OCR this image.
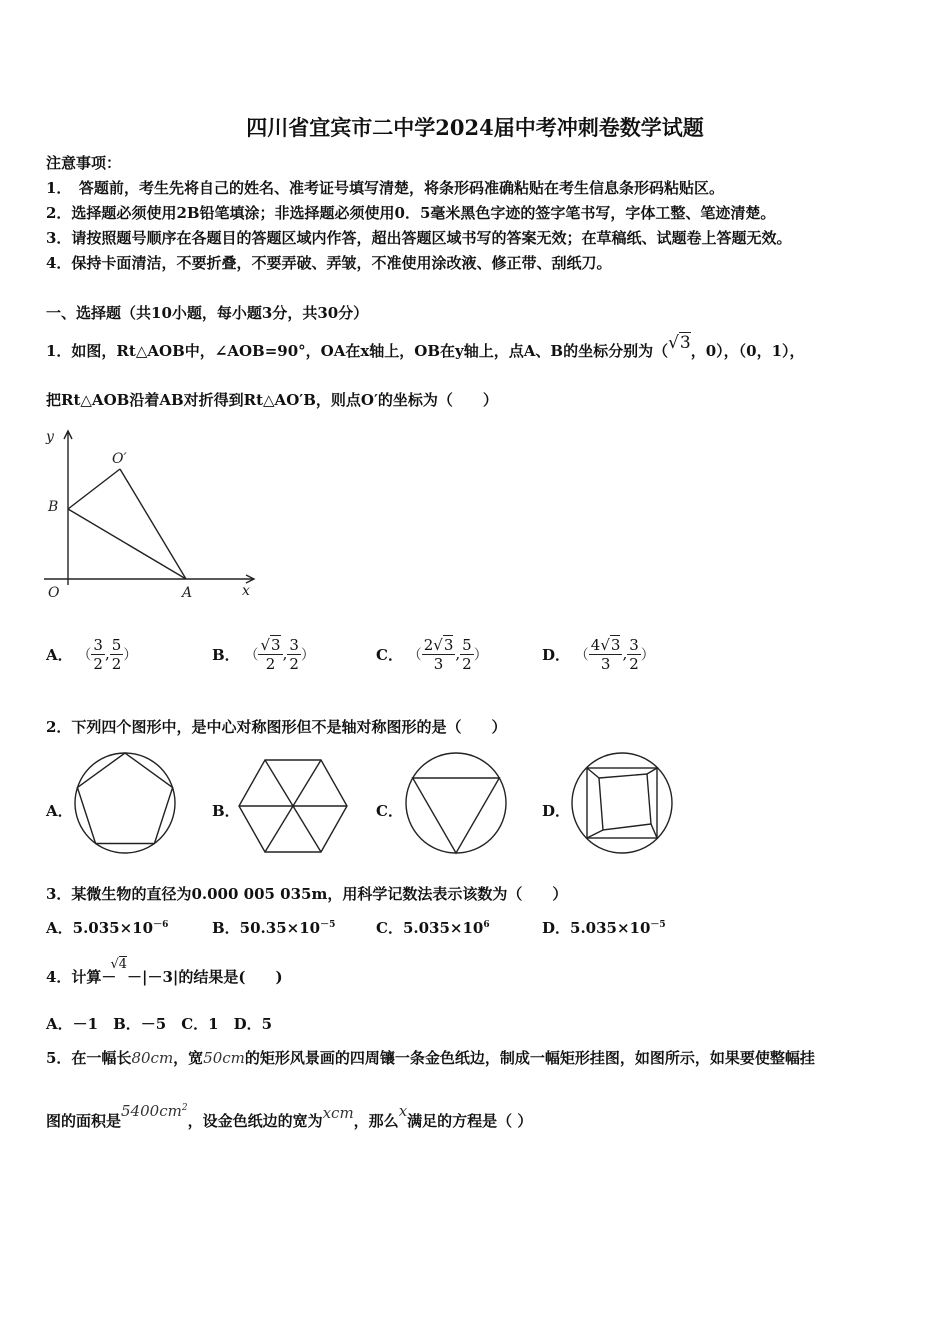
四川省宜宾市二中学2024届中考冲刺卷数学试题
注意事项：
1．　答题前，考生先将自己的姓名、准考证号填写清楚，将条形码准确粘贴在考生信息条形码粘贴区。
2．选择题必须使用2B铅笔填涂；非选择题必须使用0．5毫米黑色字迹的签字笔书写，字体工整、笔迹清楚。
3．请按照题号顺序在各题目的答题区域内作答，超出答题区域书写的答案无效；在草稿纸、试题卷上答题无效。
4．保持卡面清洁，不要折叠，不要弄破、弄皱，不准使用涂改液、修正带、刮纸刀。
一、选择题（共10小题，每小题3分，共30分）
1．如图，Rt△AOB中，∠AOB=90°，OA在x轴上，OB在y轴上，点A、B的坐标分别为（√3，0），（0，1），
把Rt△AOB沿着AB对折得到Rt△AO′B，则点O′的坐标为（　　）
y
O′
B
O	A	x
A． （ $\frac{3}{2}$ , $\frac{5}{2}$ ）	B． （ $\frac{√3}{2}$ , $\frac{3}{2}$ ）	C． （ $\frac{2√3}{3}$ , $\frac{5}{2}$ ）	D． （ $\frac{4√3}{3}$ , $\frac{3}{2}$ ）
2．下列四个图形中，是中心对称图形但不是轴对称图形的是（　　）
A．	B．	C．	D．
3．某微生物的直径为0.000 005 035m，用科学记数法表示该数为（　　）
A．$5.035\times 10^{-6}$	B．$50.35\times 10^{-5}$	C．$5.035\times 10^6$	D．$5.035\times 10^{-5}$
4．计算－√4－|－3|的结果是(　　)
A．－1　B．－5　C．1　D．5
5．在一幅长80cm，宽50cm的矩形风景画的四周镶一条金色纸边，制成一幅矩形挂图，如图所示，如果要使整幅挂
图的面积是$5400cm^2$，设金色纸边的宽为xcm，那么x满足的方程是（ ）
